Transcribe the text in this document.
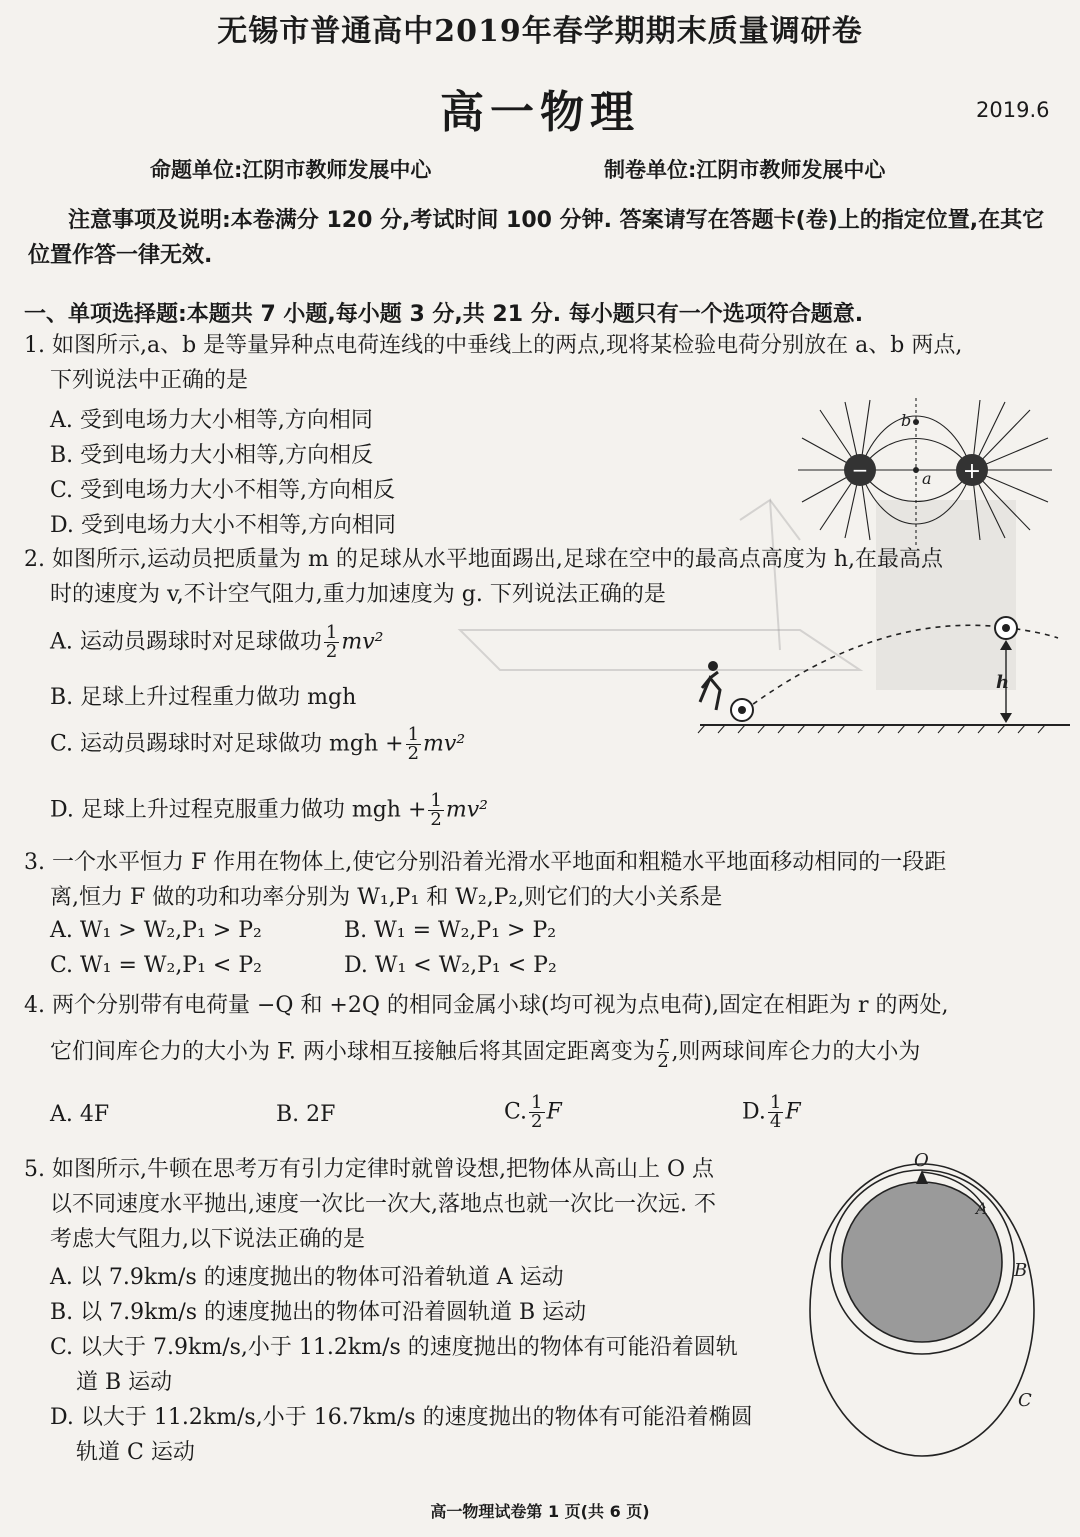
无锡市普通高中2019年春学期期末质量调研卷
高一物理	2019.6
命题单位:江阴市教师发展中心	制卷单位:江阴市教师发展中心
注意事项及说明:本卷满分 120 分,考试时间 100 分钟. 答案请写在答题卡(卷)上的指定位置,在其它位置作答一律无效.
一、单项选择题:本题共 7 小题,每小题 3 分,共 21 分. 每小题只有一个选项符合题意.
1. 如图所示,a、b 是等量异种点电荷连线的中垂线上的两点,现将某检验电荷分别放在 a、b 两点,
下列说法中正确的是
A. 受到电场力大小相等,方向相同
B. 受到电场力大小相等,方向相反
C. 受到电场力大小不相等,方向相反
D. 受到电场力大小不相等,方向相同
−	+
b
a
2. 如图所示,运动员把质量为 m 的足球从水平地面踢出,足球在空中的最高点高度为 h,在最高点
时的速度为 v,不计空气阻力,重力加速度为 g. 下列说法正确的是
A. 运动员踢球时对足球做功 $\frac{1}{2} mv^2$
B. 足球上升过程重力做功 mgh
C. 运动员踢球时对足球做功 mgh + $\frac{1}{2} mv^2$
D. 足球上升过程克服重力做功 mgh + $\frac{1}{2} mv^2$
h
3. 一个水平恒力 F 作用在物体上,使它分别沿着光滑水平地面和粗糙水平地面移动相同的一段距
离,恒力 F 做的功和功率分别为 W₁,P₁ 和 W₂,P₂,则它们的大小关系是
A. W₁ > W₂,P₁ > P₂	B. W₁ = W₂,P₁ > P₂
C. W₁ = W₂,P₁ < P₂	D. W₁ < W₂,P₁ < P₂
4. 两个分别带有电荷量 −Q 和 +2Q 的相同金属小球(均可视为点电荷),固定在相距为 r 的两处,
它们间库仑力的大小为 F. 两小球相互接触后将其固定距离变为 $\frac{r}{2}$ ,则两球间库仑力的大小为
A. 4F	B. 2F	C. $\frac{1}{2}$ F	D. $\frac{1}{4}$ F
5. 如图所示,牛顿在思考万有引力定律时就曾设想,把物体从高山上 O 点
以不同速度水平抛出,速度一次比一次大,落地点也就一次比一次远. 不
考虑大气阻力,以下说法正确的是
A. 以 7.9km/s 的速度抛出的物体可沿着轨道 A 运动
B. 以 7.9km/s 的速度抛出的物体可沿着圆轨道 B 运动
C. 以大于 7.9km/s,小于 11.2km/s 的速度抛出的物体有可能沿着圆轨
道 B 运动
D. 以大于 11.2km/s,小于 16.7km/s 的速度抛出的物体有可能沿着椭圆
轨道 C 运动
O
A
B
C
高一物理试卷第 1 页(共 6 页)
